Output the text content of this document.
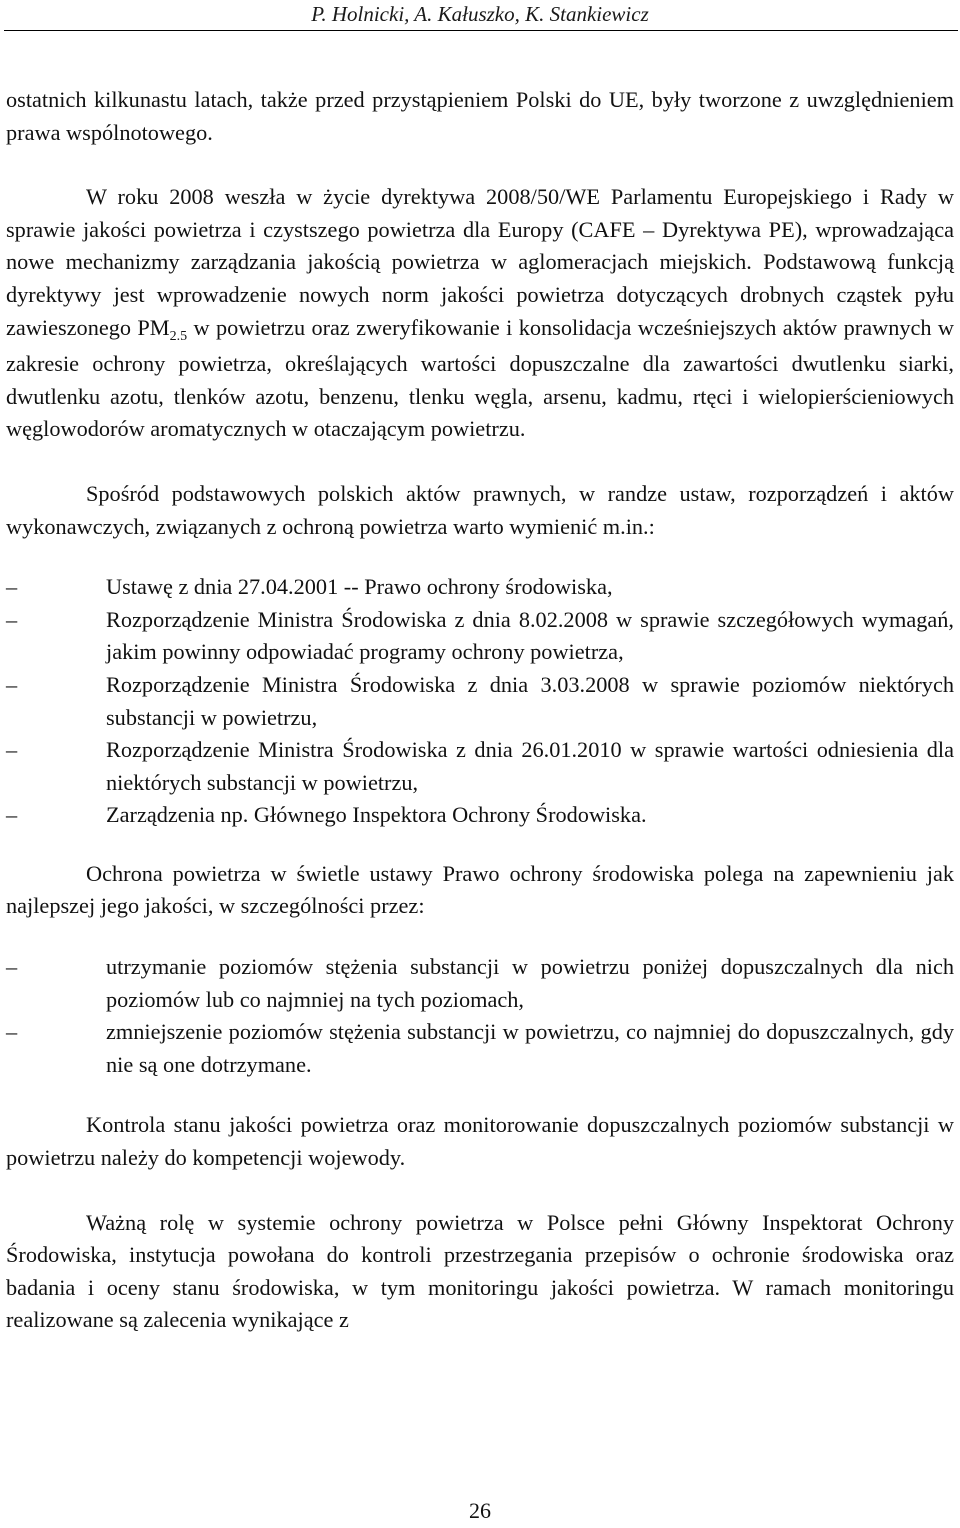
P. Holnicki, A. Kałuszko, K. Stankiewicz

ostatnich kilkunastu latach, także przed przystąpieniem Polski do UE, były tworzone z uwzględnieniem prawa wspólnotowego.

W roku 2008 weszła w życie dyrektywa 2008/50/WE Parlamentu Europejskiego i Rady w sprawie jakości powietrza i czystszego powietrza dla Europy (CAFE – Dyrektywa PE), wprowadzająca nowe mechanizmy zarządzania jakością powietrza w aglomeracjach miejskich. Podstawową funkcją dyrektywy jest wprowadzenie nowych norm jakości powietrza dotyczących drobnych cząstek pyłu zawieszonego $PM_{2.5}$ w powietrzu oraz zweryfikowanie i konsolidacja wcześniejszych aktów prawnych w zakresie ochrony powietrza, określających wartości dopuszczalne dla zawartości dwutlenku siarki, dwutlenku azotu, tlenków azotu, benzenu, tlenku węgla, arsenu, kadmu, rtęci i wielopierścieniowych węglowodorów aromatycznych w otaczającym powietrzu.

Spośród podstawowych polskich aktów prawnych, w randze ustaw, rozporządzeń i aktów wykonawczych, związanych z ochroną powietrza warto wymienić m.in.:

–	Ustawę z dnia 27.04.2001 -- Prawo ochrony środowiska,
–	Rozporządzenie Ministra Środowiska z dnia 8.02.2008 w sprawie szczegółowych wymagań, jakim powinny odpowiadać programy ochrony powietrza,
–	Rozporządzenie Ministra Środowiska z dnia 3.03.2008 w sprawie poziomów niektórych substancji w powietrzu,
–	Rozporządzenie Ministra Środowiska z dnia 26.01.2010 w sprawie wartości odniesienia dla niektórych substancji w powietrzu,
–	Zarządzenia np. Głównego Inspektora Ochrony Środowiska.

Ochrona powietrza w świetle ustawy Prawo ochrony środowiska polega na zapewnieniu jak najlepszej jego jakości, w szczególności przez:

–	utrzymanie poziomów stężenia substancji w powietrzu poniżej dopuszczalnych dla nich poziomów lub co najmniej na tych poziomach,
–	zmniejszenie poziomów stężenia substancji w powietrzu, co najmniej do dopuszczalnych, gdy nie są one dotrzymane.

Kontrola stanu jakości powietrza oraz monitorowanie dopuszczalnych poziomów substancji w powietrzu należy do kompetencji wojewody.

Ważną rolę w systemie ochrony powietrza w Polsce pełni Główny Inspektorat Ochrony Środowiska, instytucja powołana do kontroli przestrzegania przepisów o ochronie środowiska oraz badania i oceny stanu środowiska, w tym monitoringu jakości powietrza. W ramach monitoringu realizowane są zalecenia wynikające z

26
